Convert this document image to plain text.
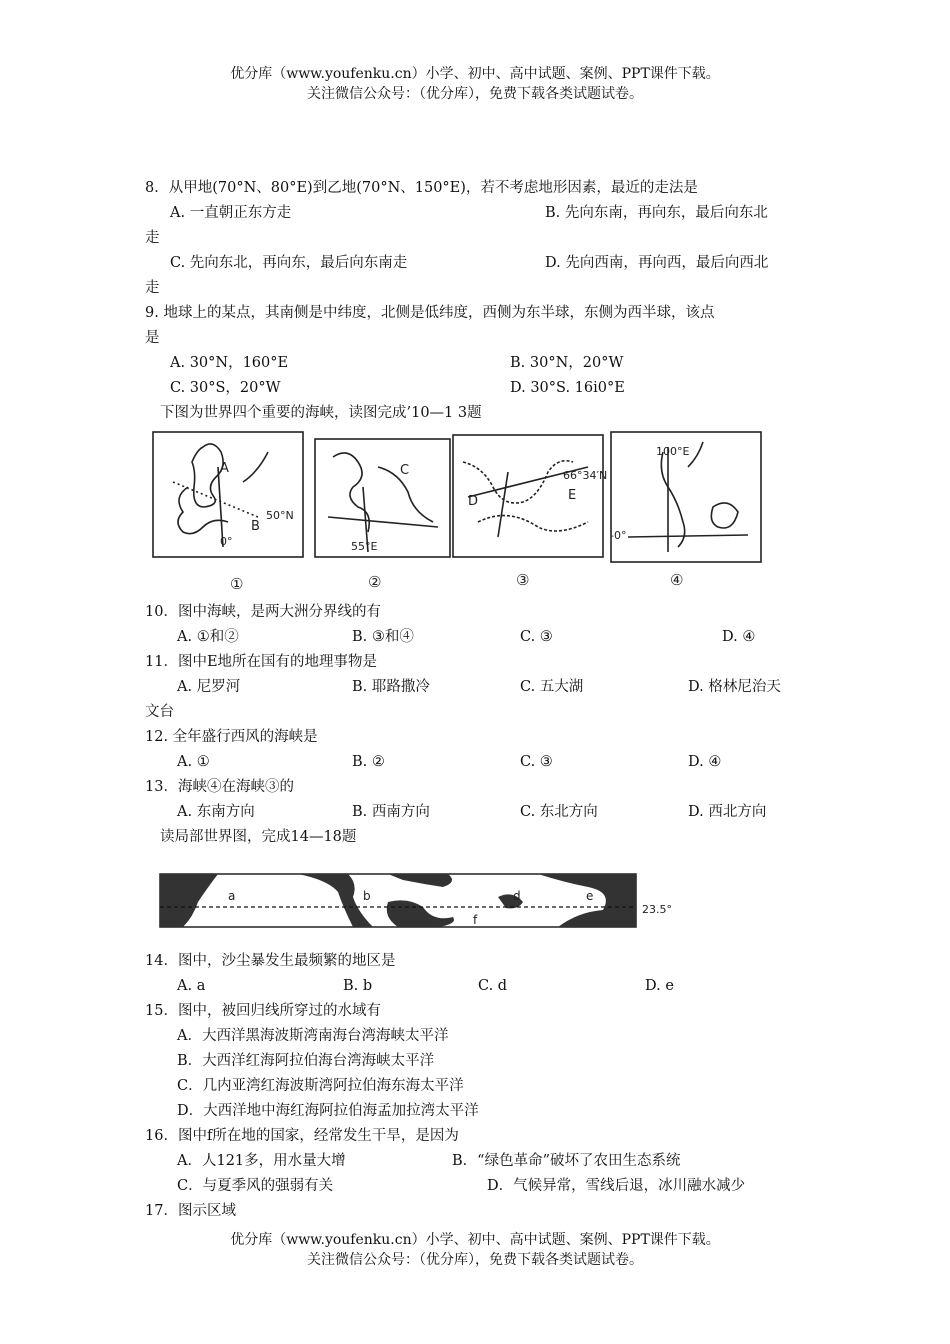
优分库（www.youfenku.cn）小学、初中、高中试题、案例、PPT课件下载。
关注微信公众号：（优分库），免费下载各类试题试卷。
8．从甲地(70°N、80°E)到乙地(70°N、150°E)，若不考虑地形因素，最近的走法是
A. 一直朝正东方走	B. 先向东南，再向东，最后向东北
走
C. 先向东北，再向东，最后向东南走	D. 先向西南，再向西，最后向西北
走
9. 地球上的某点，其南侧是中纬度，北侧是低纬度，西侧为东半球，东侧为西半球，该点
是
A. 30°N，160°E	B. 30°N，20°W
C. 30°S，20°W	D. 30°S. 16i0°E
下图为世界四个重要的海峡，读图完成’10—1 3题
A
B
50°N
0°
C
55°E
D	E
66°34′N
100°E
-0°
①	②	③	④
10．图中海峡，是两大洲分界线的有
A. ①和②	B. ③和④	C. ③	D. ④
11．图中E地所在国有的地理事物是
A. 尼罗河	B. 耶路撒冷	C. 五大湖	D. 格林尼治天
文台
12. 全年盛行西风的海峡是
A. ①	B. ②	C. ③	D. ④
13．海峡④在海峡③的
A. 东南方向	B. 西南方向	C. 东北方向	D. 西北方向
读局部世界图，完成14—18题
a	b	d	e
f
23.5°
14．图中，沙尘暴发生最频繁的地区是
A. a	B. b	C. d	D. e
15．图中，被回归线所穿过的水域有
A．大西洋黑海波斯湾南海台湾海峡太平洋
B．大西洋红海阿拉伯海台湾海峡太平洋
C．几内亚湾红海波斯湾阿拉伯海东海太平洋
D．大西洋地中海红海阿拉伯海孟加拉湾太平洋
16．图中f所在地的国家，经常发生干旱，是因为
A．人121多，用水量大增	B．“绿色革命”破坏了农田生态系统
C．与夏季风的强弱有关	D．气候异常，雪线后退，冰川融水减少
17．图示区域
优分库（www.youfenku.cn）小学、初中、高中试题、案例、PPT课件下载。
关注微信公众号：（优分库），免费下载各类试题试卷。
